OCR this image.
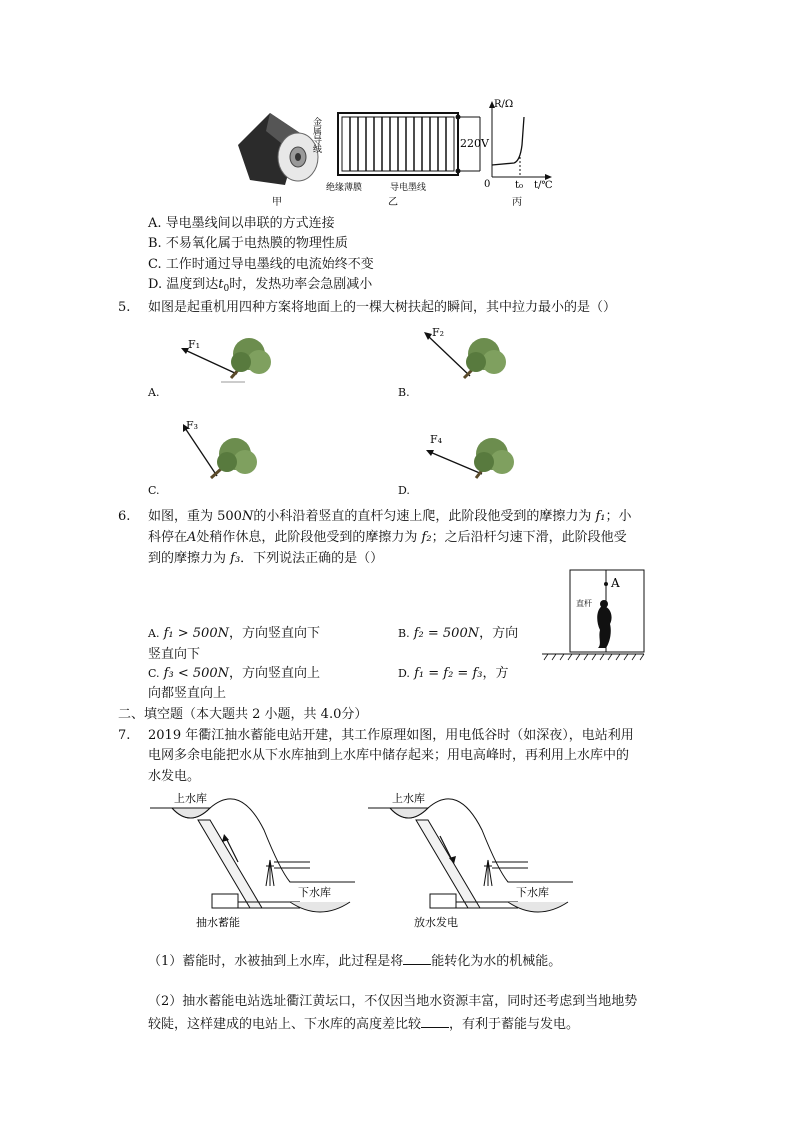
甲
金属导线	220V
绝缘薄膜	导电墨线
乙
R/Ω
0 t₀ t/℃
丙
A. 导电墨线间以串联的方式连接
B. 不易氧化属于电热膜的物理性质
C. 工作时通过导电墨线的电流始终不变
D. 温度到达$t_0$时，发热功率会急剧减小
5. 如图是起重机用四种方案将地面上的一棵大树扶起的瞬间，其中拉力最小的是（）
F₁
A.
F₂
B.
F₃
C.
F₄
D.
6. 如图，重为 500N的小科沿着竖直的直杆匀速上爬，此阶段他受到的摩擦力为 f₁；小
科停在A处稍作休息，此阶段他受到的摩擦力为 f₂；之后沿杆匀速下滑，此阶段他受
到的摩擦力为 f₃．下列说法正确的是（）
A
直杆
A. f₁ > 500N，方向竖直向下	B. f₂ = 500N，方向
竖直向下
C. f₃ < 500N，方向竖直向上	D. f₁ = f₂ = f₃，方
向都竖直向上
二、填空题（本大题共 2 小题，共 4.0分）
7. 2019 年衢江抽水蓄能电站开建，其工作原理如图，用电低谷时（如深夜），电站利用
电网多余电能把水从下水库抽到上水库中储存起来；用电高峰时，再利用上水库中的
水发电。
上水库
下水库
抽水蓄能
上水库
下水库
放水发电
（1）蓄能时，水被抽到上水库，此过程是将 能转化为水的机械能。
（2）抽水蓄能电站选址衢江黄坛口，不仅因当地水资源丰富，同时还考虑到当地地势
较陡，这样建成的电站上、下水库的高度差比较 ，有利于蓄能与发电。
